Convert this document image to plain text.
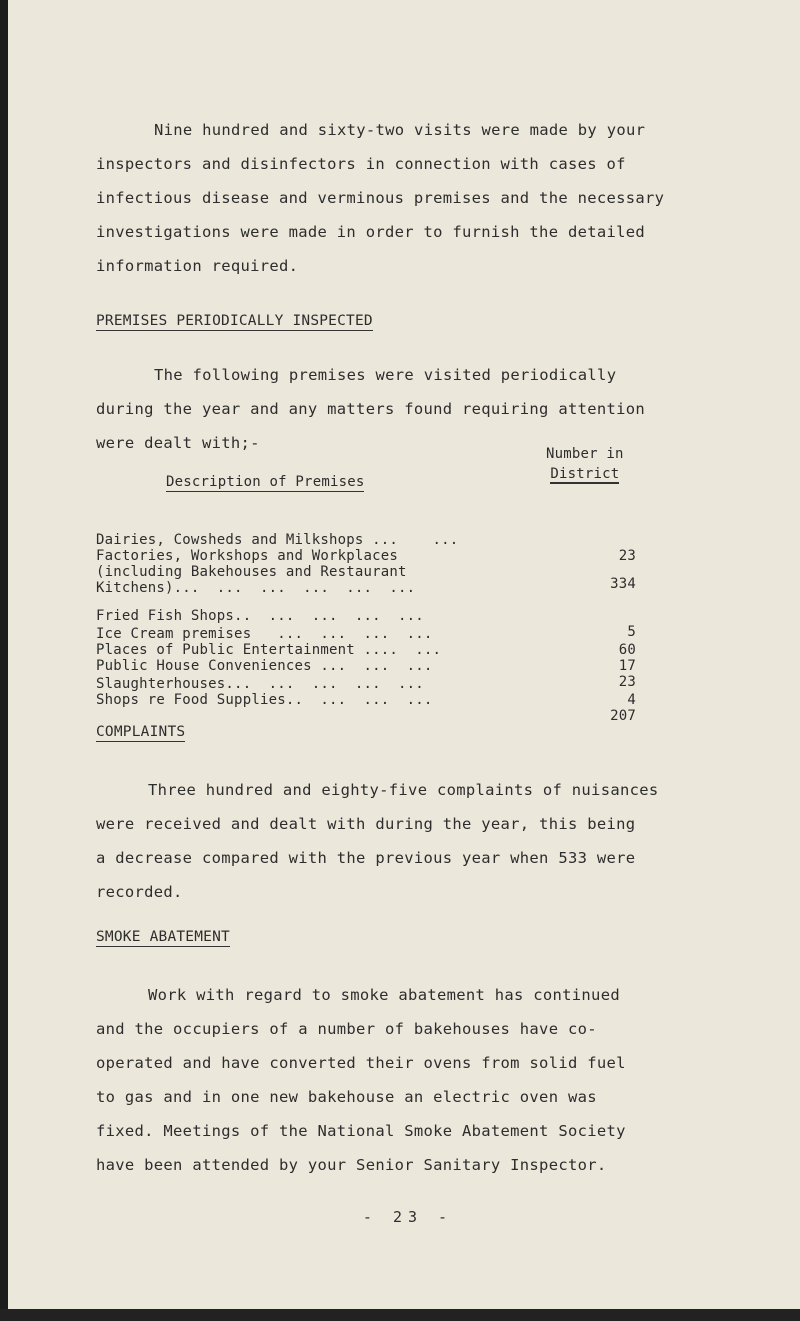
Nine hundred and sixty-two visits were made by your
inspectors and disinfectors in connection with cases of
infectious disease and verminous premises and the necessary
investigations were made in order to furnish the detailed
information required.
PREMISES PERIODICALLY INSPECTED
The following premises were visited periodically
during the year and any matters found requiring attention
were dealt with;-
Description of Premises
Number in
District

Dairies, Cowsheds and Milkshops ...    ...

23

Factories, Workshops and Workplaces

(including Bakehouses and Restaurant

Kitchens)...  ...  ...  ...  ...  ...

	334

Fried Fish Shops..  ...  ...  ...  ...

5

Ice Cream premises   ...  ...  ...  ...

60

Places of Public Entertainment ....  ...

17

Public House Conveniences ...  ...  ...

23

Slaughterhouses...  ...  ...  ...  ...

4

Shops re Food Supplies..  ...  ...  ...

207

COMPLAINTS
Three hundred and eighty-five complaints of nuisances
were received and dealt with during the year, this being
a decrease compared with the previous year when 533 were
recorded.
SMOKE ABATEMENT
Work with regard to smoke abatement has continued
and the occupiers of a number of bakehouses have co-
operated and have converted their ovens from solid fuel
to gas and in one new bakehouse an electric oven was
fixed. Meetings of the National Smoke Abatement Society
have been attended by your Senior Sanitary Inspector.
- 23 -
